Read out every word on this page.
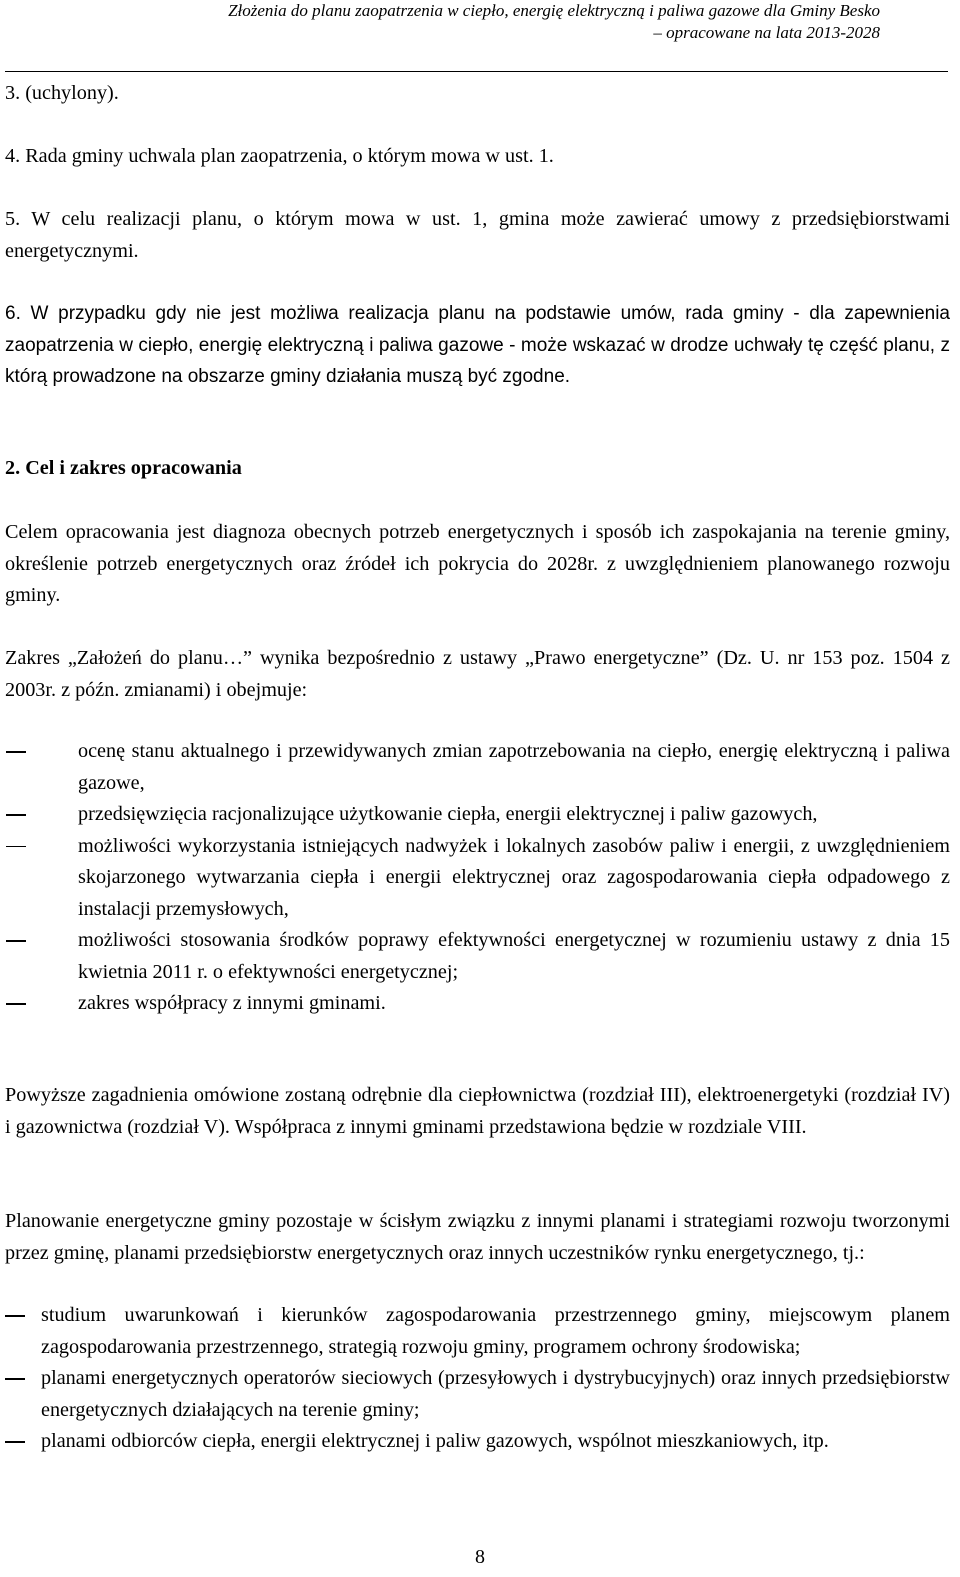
Złożenia do planu zaopatrzenia w ciepło, energię elektryczną i paliwa gazowe dla Gminy Besko
– opracowane na lata 2013-2028

3. (uchylony).

4. Rada gminy uchwala plan zaopatrzenia, o którym mowa w ust. 1.

5. W celu realizacji planu, o którym mowa w ust. 1, gmina może zawierać umowy z przedsiębiorstwami energetycznymi.

6. W przypadku gdy nie jest możliwa realizacja planu na podstawie umów, rada gminy - dla zapewnienia zaopatrzenia w ciepło, energię elektryczną i paliwa gazowe - może wskazać w drodze uchwały tę część planu, z którą prowadzone na obszarze gminy działania muszą być zgodne.

2. Cel i zakres opracowania

Celem opracowania jest diagnoza obecnych potrzeb energetycznych i sposób ich zaspokajania na terenie gminy, określenie potrzeb energetycznych oraz źródeł ich pokrycia do 2028r. z uwzględnieniem planowanego rozwoju gminy.

Zakres „Założeń do planu…” wynika bezpośrednio z ustawy „Prawo energetyczne” (Dz. U. nr 153 poz. 1504 z 2003r. z późn. zmianami) i obejmuje:

ocenę stanu aktualnego i przewidywanych zmian zapotrzebowania na ciepło, energię elektryczną i paliwa gazowe,
przedsięwzięcia racjonalizujące użytkowanie ciepła, energii elektrycznej i paliw gazowych,
możliwości wykorzystania istniejących nadwyżek i lokalnych zasobów paliw i energii, z uwzględnieniem skojarzonego wytwarzania ciepła i energii elektrycznej oraz zagospodarowania ciepła odpadowego z instalacji przemysłowych,
możliwości stosowania środków poprawy efektywności energetycznej w rozumieniu ustawy z dnia 15 kwietnia 2011 r. o efektywności energetycznej;
zakres współpracy z innymi gminami.

Powyższe zagadnienia omówione zostaną odrębnie dla ciepłownictwa (rozdział III), elektroenergetyki (rozdział IV) i gazownictwa (rozdział V). Współpraca z innymi gminami przedstawiona będzie w rozdziale VIII.

Planowanie energetyczne gminy pozostaje w ścisłym związku z innymi planami i strategiami rozwoju tworzonymi przez gminę, planami przedsiębiorstw energetycznych oraz innych uczestników rynku energetycznego, tj.:

studium uwarunkowań i kierunków zagospodarowania przestrzennego gminy, miejscowym planem zagospodarowania przestrzennego, strategią rozwoju gminy, programem ochrony środowiska;
planami energetycznych operatorów sieciowych (przesyłowych i dystrybucyjnych) oraz innych przedsiębiorstw energetycznych działających na terenie gminy;
planami odbiorców ciepła, energii elektrycznej i paliw gazowych, wspólnot mieszkaniowych, itp.
8
